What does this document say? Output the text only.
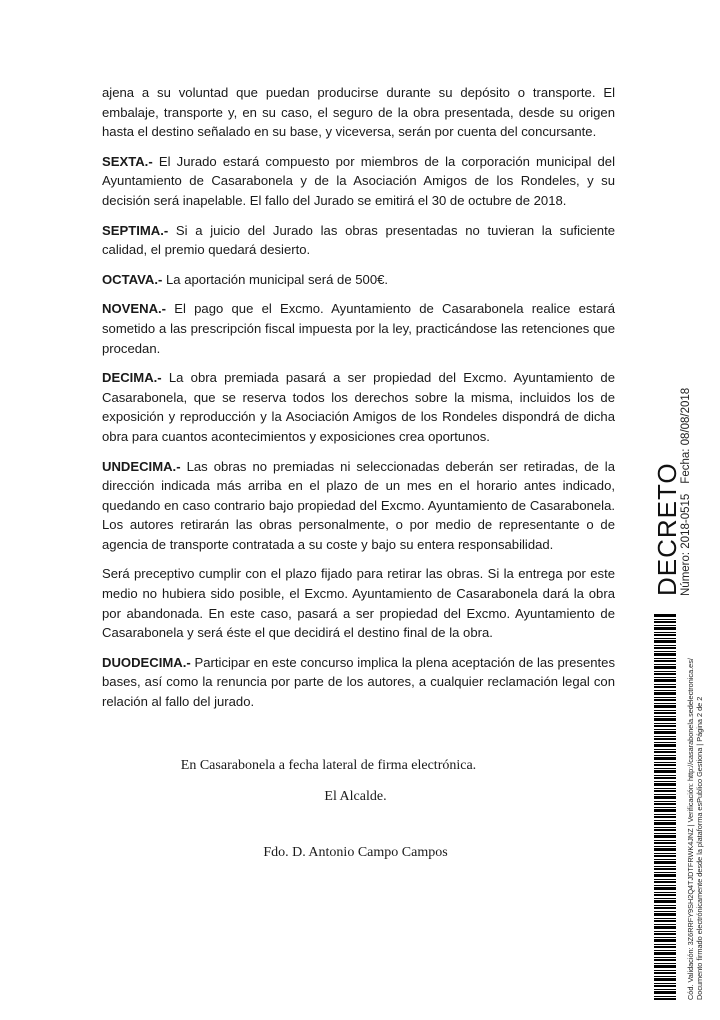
ajena a su voluntad que puedan producirse durante su depósito o transporte. El embalaje, transporte y, en su caso, el seguro de la obra presentada, desde su origen hasta el destino señalado en su base, y viceversa, serán por cuenta del concursante.

SEXTA.- El Jurado estará compuesto por miembros de la corporación municipal del Ayuntamiento de Casarabonela y de la Asociación Amigos de los Rondeles, y su decisión será inapelable. El fallo del Jurado se emitirá el 30 de octubre de 2018.

SEPTIMA.- Si a juicio del Jurado las obras presentadas no tuvieran la suficiente calidad, el premio quedará desierto.

OCTAVA.- La aportación municipal será de 500€.

NOVENA.- El pago que el Excmo. Ayuntamiento de Casarabonela realice estará sometido a las prescripción fiscal impuesta por la ley, practicándose las retenciones que procedan.

DECIMA.- La obra premiada pasará a ser propiedad del Excmo. Ayuntamiento de Casarabonela, que se reserva todos los derechos sobre la misma, incluidos los de exposición y reproducción y la Asociación Amigos de los Rondeles dispondrá de dicha obra para cuantos acontecimientos y exposiciones crea oportunos.

UNDECIMA.- Las obras no premiadas ni seleccionadas deberán ser retiradas, de la dirección indicada más arriba en el plazo de un mes en el horario antes indicado, quedando en caso contrario bajo propiedad del Excmo. Ayuntamiento de Casarabonela. Los autores retirarán las obras personalmente, o por medio de representante o de agencia de transporte contratada a su coste y bajo su entera responsabilidad.

Será preceptivo cumplir con el plazo fijado para retirar las obras. Si la entrega por este medio no hubiera sido posible, el Excmo. Ayuntamiento de Casarabonela dará la obra por abandonada. En este caso, pasará a ser propiedad del Excmo. Ayuntamiento de Casarabonela y será éste el que decidirá el destino final de la obra.

DUODECIMA.- Participar en este concurso implica la plena aceptación de las presentes bases, así como la renuncia por parte de los autores, a cualquier reclamación legal con relación al fallo del jurado.

En Casarabonela a fecha lateral de firma electrónica.

El Alcalde.

Fdo. D. Antonio Campo Campos	Cód. Validación: 3Z6RRFY9SH2Q4TJDTFRWK4JNZ | Verificación: http://casarabonela.sedelectronica.es/ Documento firmado electrónicamente desde la plataforma esPublico Gestiona | Página 2 de 2
DECRETO
Número: 2018-0515Fecha: 08/08/2018
